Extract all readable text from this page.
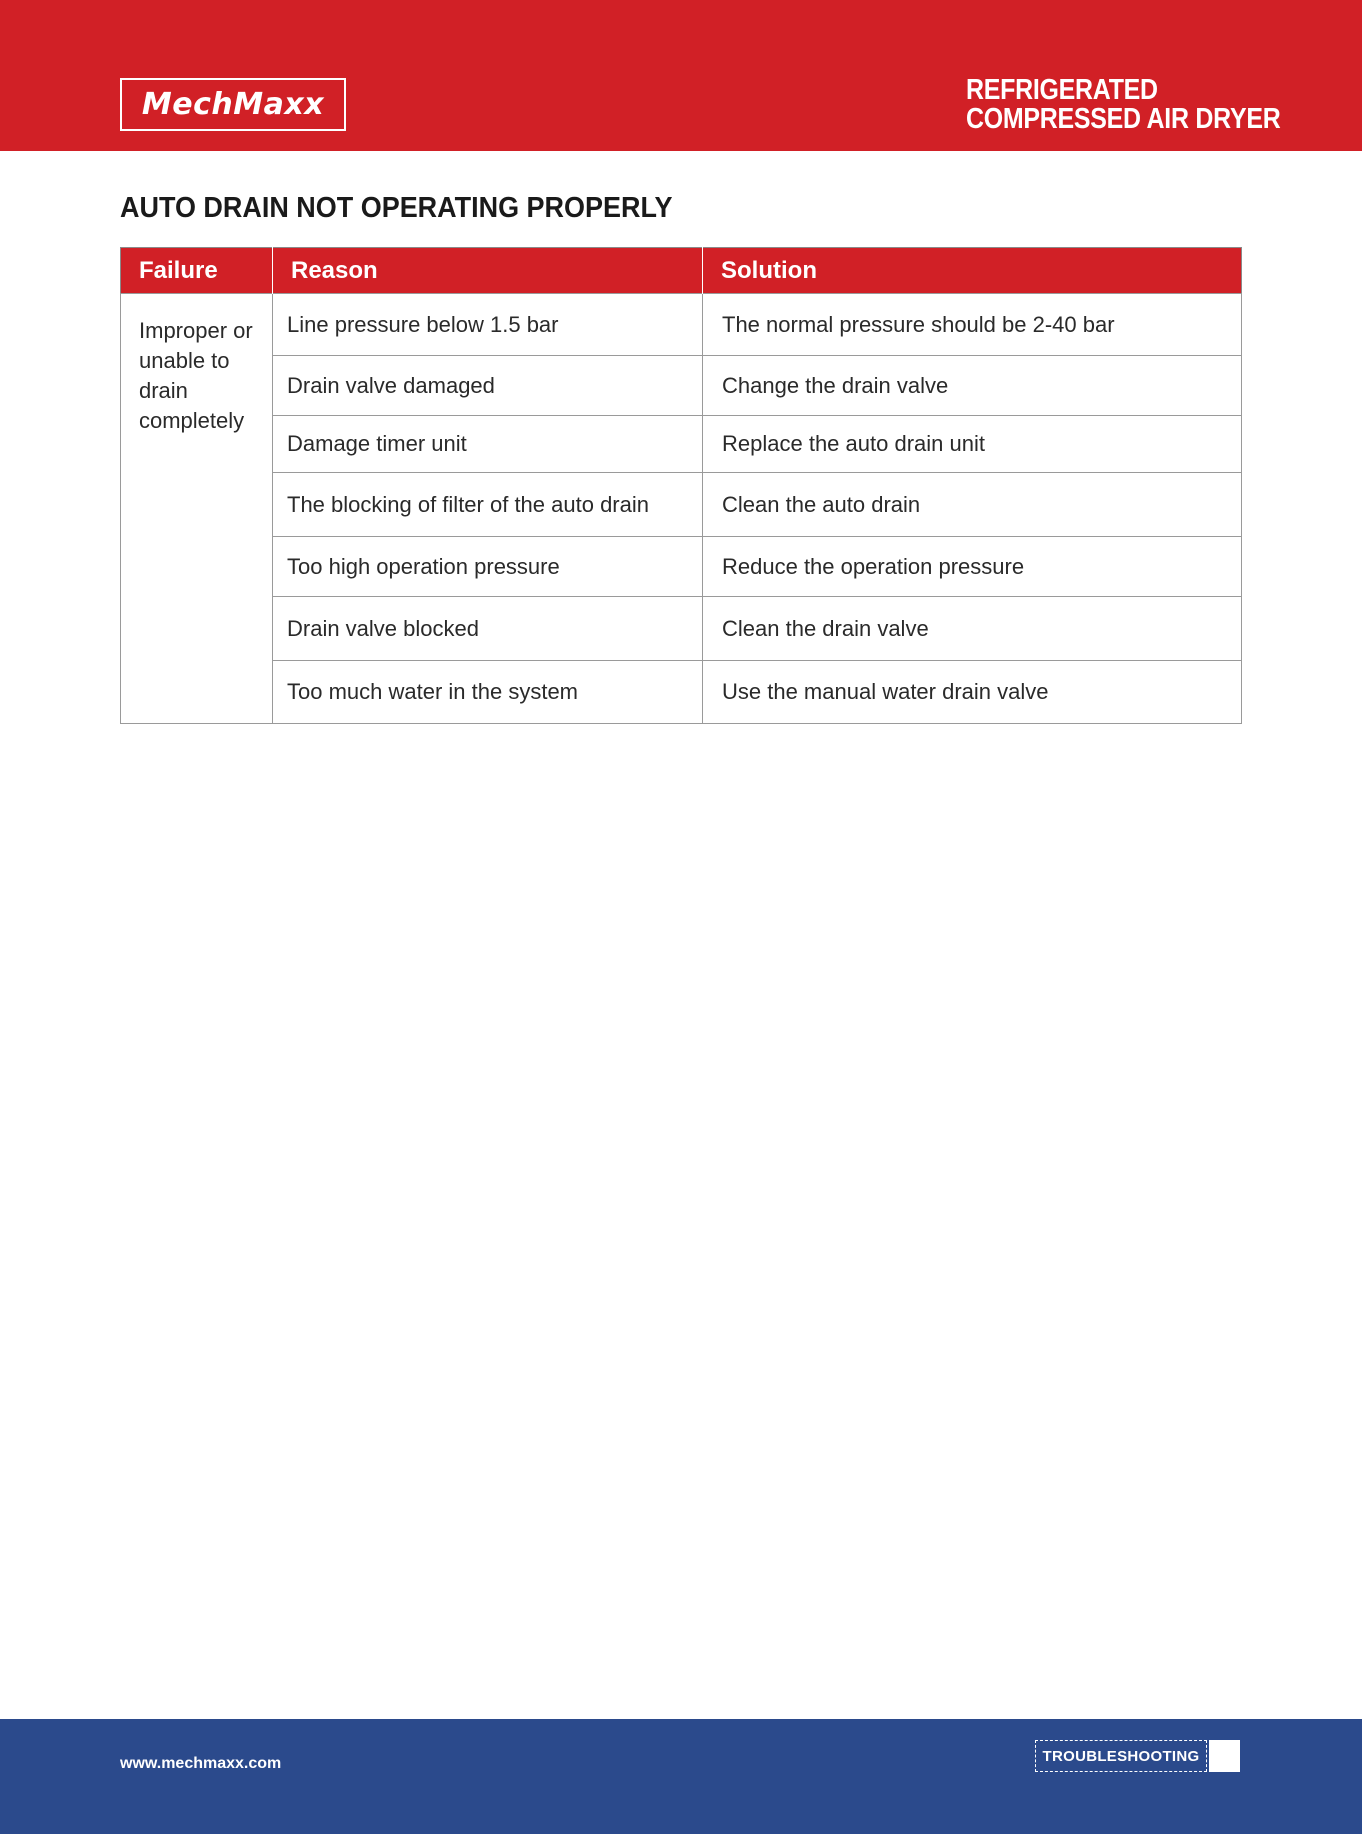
MechMaxx	REFRIGERATED
COMPRESSED AIR DRYER
AUTO DRAIN NOT OPERATING PROPERLY
Failure	Reason	Solution
Improper or unable to drain completely	Line pressure below 1.5 bar	The normal pressure should be 2-40 bar
	Drain valve damaged	Change the drain valve
	Damage timer unit	Replace the auto drain unit
	The blocking of filter of the auto drain	Clean the auto drain
	Too high operation pressure	Reduce the operation pressure
	Drain valve blocked	Clean the drain valve
	Too much water in the system	Use the manual water drain valve
www.mechmaxx.com	TROUBLESHOOTING
